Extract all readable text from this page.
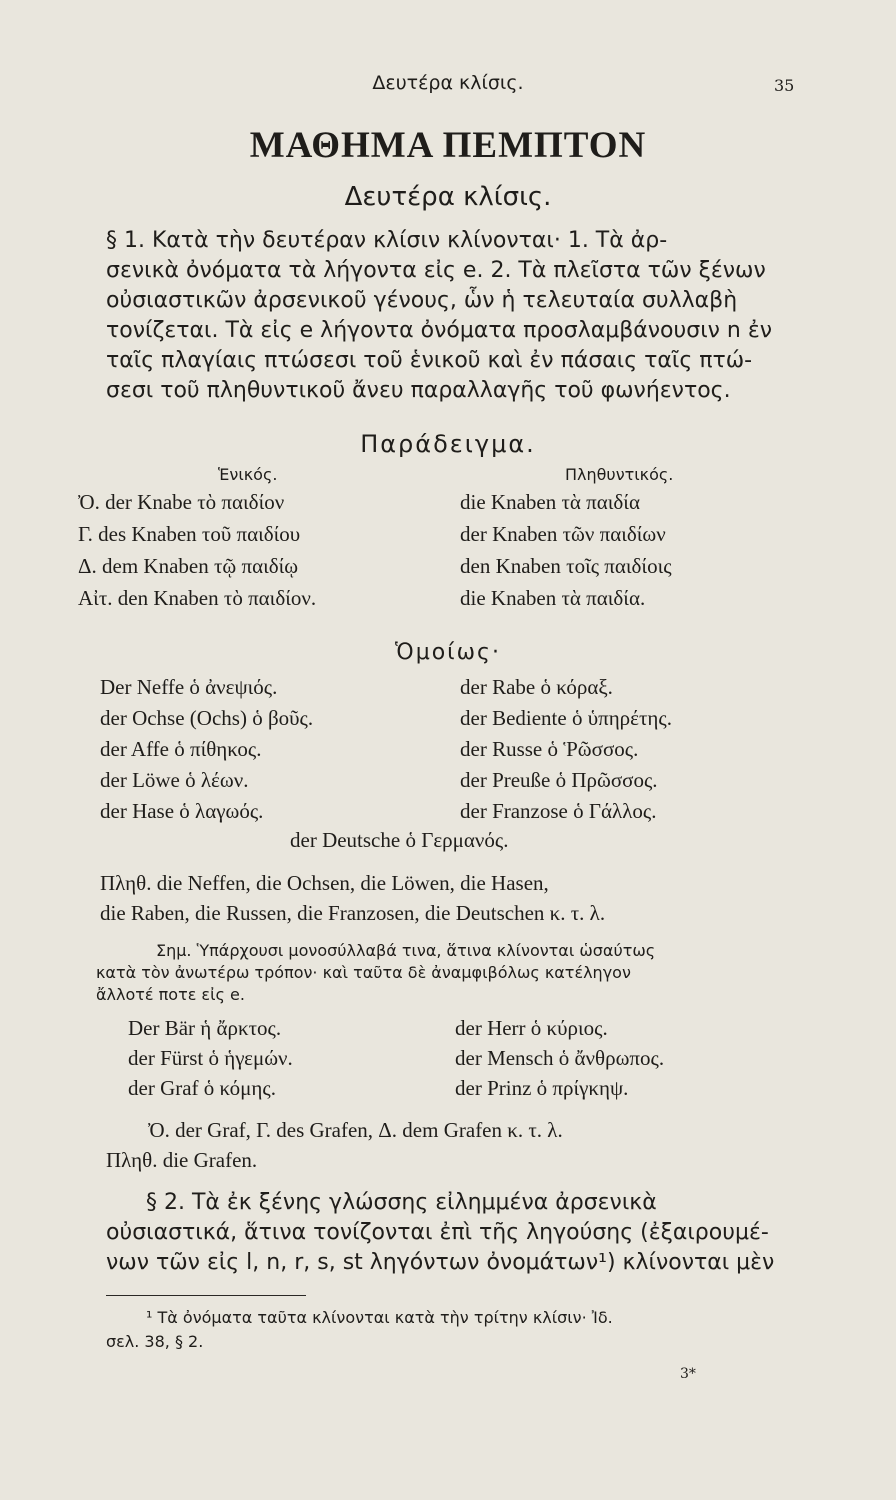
Δευτέρα κλίσις.	35
ΜΑΘΗΜΑ ΠΕΜΠΤΟΝ
Δευτέρα κλίσις.
§ 1. Κατὰ τὴν δευτέραν κλίσιν κλίνονται· 1. Τὰ ἀρ-
σενικὰ ὀνόματα τὰ λήγοντα εἰς e. 2. Τὰ πλεῖστα τῶν ξένων
οὐσιαστικῶν ἀρσενικοῦ γένους, ὧν ἡ τελευταία συλλαβὴ
τονίζεται. Τὰ εἰς e λήγοντα ὀνόματα προσλαμβάνουσιν n ἐν
ταῖς πλαγίαις πτώσεσι τοῦ ἑνικοῦ καὶ ἐν πάσαις ταῖς πτώ-
σεσι τοῦ πληθυντικοῦ ἄνευ παραλλαγῆς τοῦ φωνήεντος.
Παράδειγμα.
Ἑνικός.	Πληθυντικός.
Ὀ. der Knabe τὸ παιδίον
Γ. des Knaben τοῦ παιδίου
Δ. dem Knaben τῷ παιδίῳ
Αἰτ. den Knaben τὸ παιδίον.
die Knaben τὰ παιδία
der Knaben τῶν παιδίων
den Knaben τοῖς παιδίοις
die Knaben τὰ παιδία.
Ὁμοίως·
Der Neffe ὁ ἀνεψιός.
der Ochse (Ochs) ὁ βοῦς.
der Affe ὁ πίθηκος.
der Löwe ὁ λέων.
der Hase ὁ λαγωός.
der Rabe ὁ κόραξ.
der Bediente ὁ ὑπηρέτης.
der Russe ὁ Ῥῶσσος.
der Preuße ὁ Πρῶσσος.
der Franzose ὁ Γάλλος.
der Deutsche ὁ Γερμανός.
Πληθ. die Neffen, die Ochsen, die Löwen, die Hasen,
die Raben, die Russen, die Franzosen, die Deutschen κ. τ. λ.
Σημ. Ὑπάρχουσι μονοσύλλαβά τινα, ἅτινα κλίνονται ὡσαύτως
κατὰ τὸν ἀνωτέρω τρόπον· καὶ ταῦτα δὲ ἀναμφιβόλως κατέληγον
ἄλλοτέ ποτε εἰς e.
Der Bär ἡ ἄρκτος.
der Fürst ὁ ἡγεμών.
der Graf ὁ κόμης.
der Herr ὁ κύριος.
der Mensch ὁ ἄνθρωπος.
der Prinz ὁ πρίγκηψ.
Ὀ. der Graf, Γ. des Grafen, Δ. dem Grafen κ. τ. λ.
Πληθ. die Grafen.
§ 2. Τὰ ἐκ ξένης γλώσσης εἰλημμένα ἀρσενικὰ
οὐσιαστικά, ἅτινα τονίζονται ἐπὶ τῆς ληγούσης (ἐξαιρουμέ-
νων τῶν εἰς l, n, r, s, st ληγόντων ὀνομάτων¹) κλίνονται μὲν
¹ Τὰ ὀνόματα ταῦτα κλίνονται κατὰ τὴν τρίτην κλίσιν· Ἰδ.
σελ. 38, § 2.
3*
